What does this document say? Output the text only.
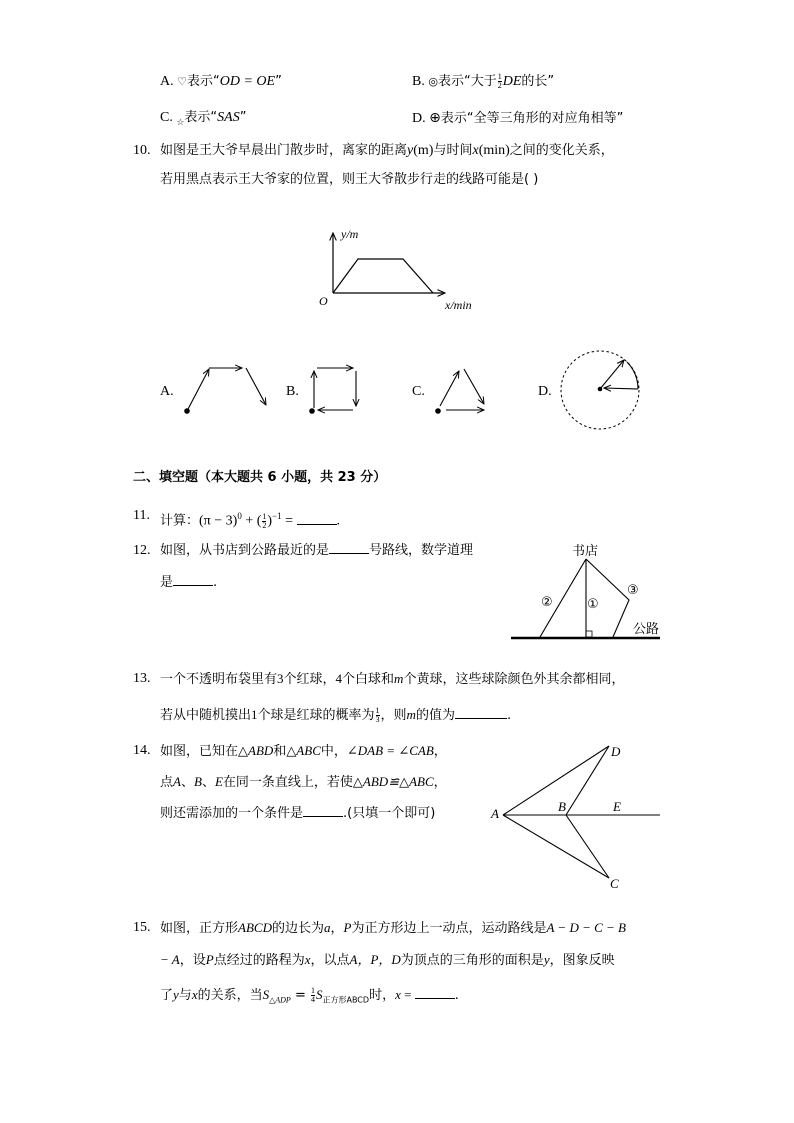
A. ♡表示“OD = OE”	B. ◎表示“大于 $\frac{1}{2}$ DE的长”
C. $_☆$表示“SAS”	D. ⊕表示“全等三角形的对应角相等”
10. 如图是王大爷早晨出门散步时，离家的距离y(m)与时间x(min)之间的变化关系，
若用黑点表示王大爷家的位置，则王大爷散步行走的线路可能是( )
y/m
x/min
O
A.	B.	C.	D.
二、填空题（本大题共 6 小题，共 23 分）
11. 计算：$(\pi - 3)^0$ + ( $\frac{1}{2} )^{-1}$ =	.
12. 如图，从书店到公路最近的是	号路线，数学道理
是	.
书店
公路
①
②
③
13. 一个不透明布袋里有3个红球，4个白球和m个黄球，这些球除颜色外其余都相同，
若从中随机摸出1个球是红球的概率为 $\frac{1}{3}$ ，则m的值为	.
14. 如图，已知在△ABD和△ABC中，∠DAB = ∠CAB，
点A、B、E在同一条直线上，若使△ABD≌△ABC，
则还需添加的一个条件是	.(只填一个即可)	A	B
C
D
E
15. 如图，正方形ABCD的边长为a，P为正方形边上一动点，运动路线是A − D − C − B
− A，设P点经过的路程为x，以点A，P，D为顶点的三角形的面积是y，图象反映
了y与x的关系，当$S_{\triangle ADP} = \frac{1}{4} S_{正方形ABCD}$时，x =	.
